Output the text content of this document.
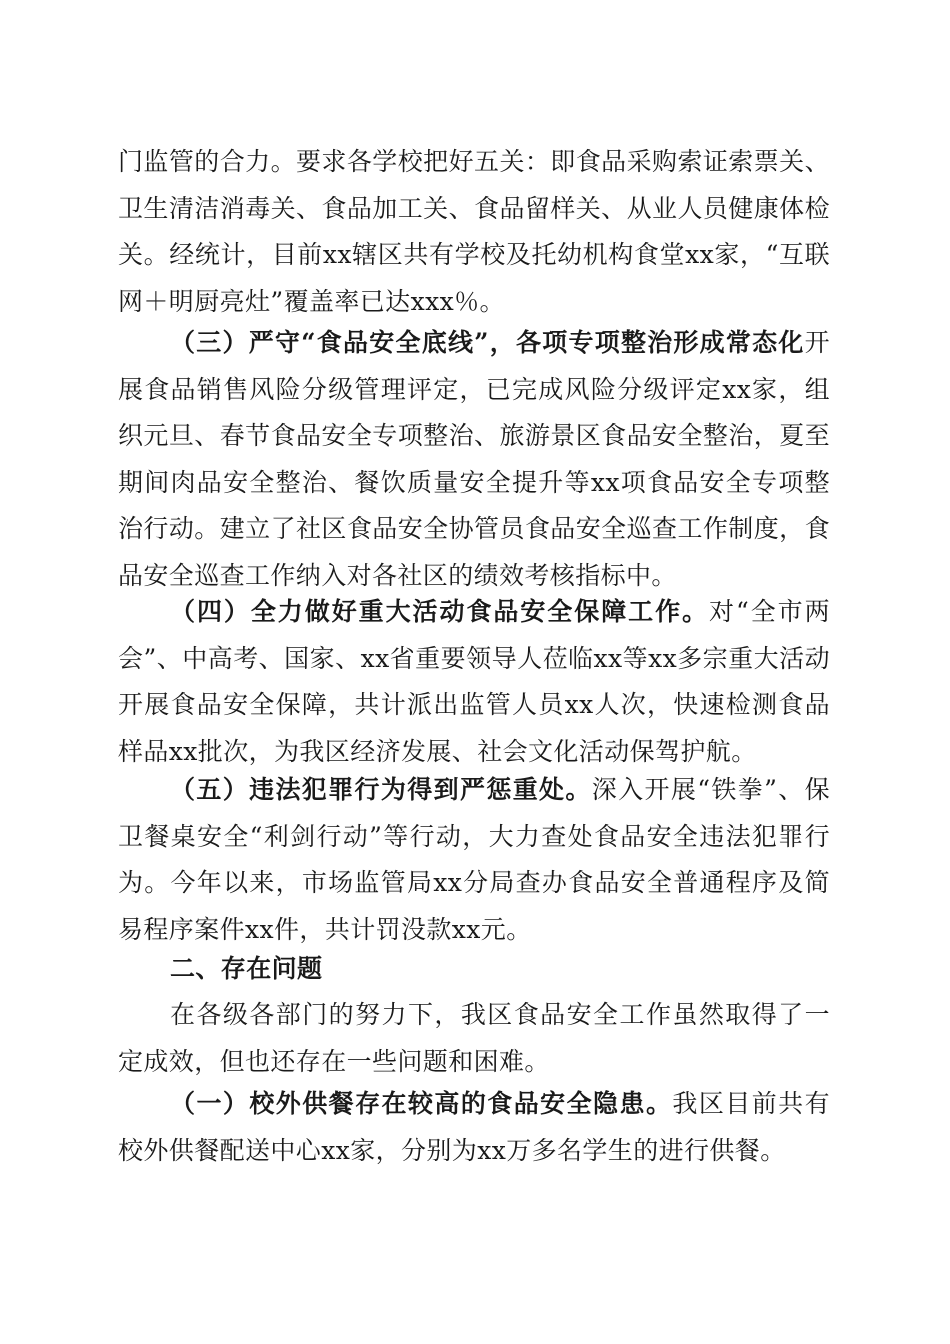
门监管的合力。要求各学校把好五关：即食品采购索证索票关、卫生清洁消毒关、食品加工关、食品留样关、从业人员健康体检关。经统计，目前xx辖区共有学校及托幼机构食堂xx家，“互联网＋明厨亮灶”覆盖率已达xxx％。

（三）严守“食品安全底线”，各项专项整治形成常态化开展食品销售风险分级管理评定，已完成风险分级评定xx家，组织元旦、春节食品安全专项整治、旅游景区食品安全整治，夏至期间肉品安全整治、餐饮质量安全提升等xx项食品安全专项整治行动。建立了社区食品安全协管员食品安全巡查工作制度，食品安全巡查工作纳入对各社区的绩效考核指标中。

（四）全力做好重大活动食品安全保障工作。对“全市两会”、中高考、国家、xx省重要领导人莅临xx等xx多宗重大活动开展食品安全保障，共计派出监管人员xx人次，快速检测食品样品xx批次，为我区经济发展、社会文化活动保驾护航。

（五）违法犯罪行为得到严惩重处。深入开展“铁拳”、保卫餐桌安全“利剑行动”等行动，大力查处食品安全违法犯罪行为。今年以来，市场监管局xx分局查办食品安全普通程序及简易程序案件xx件，共计罚没款xx元。

二、存在问题

在各级各部门的努力下，我区食品安全工作虽然取得了一定成效，但也还存在一些问题和困难。

（一）校外供餐存在较高的食品安全隐患。我区目前共有校外供餐配送中心xx家，分别为xx万多名学生的进行供餐。
